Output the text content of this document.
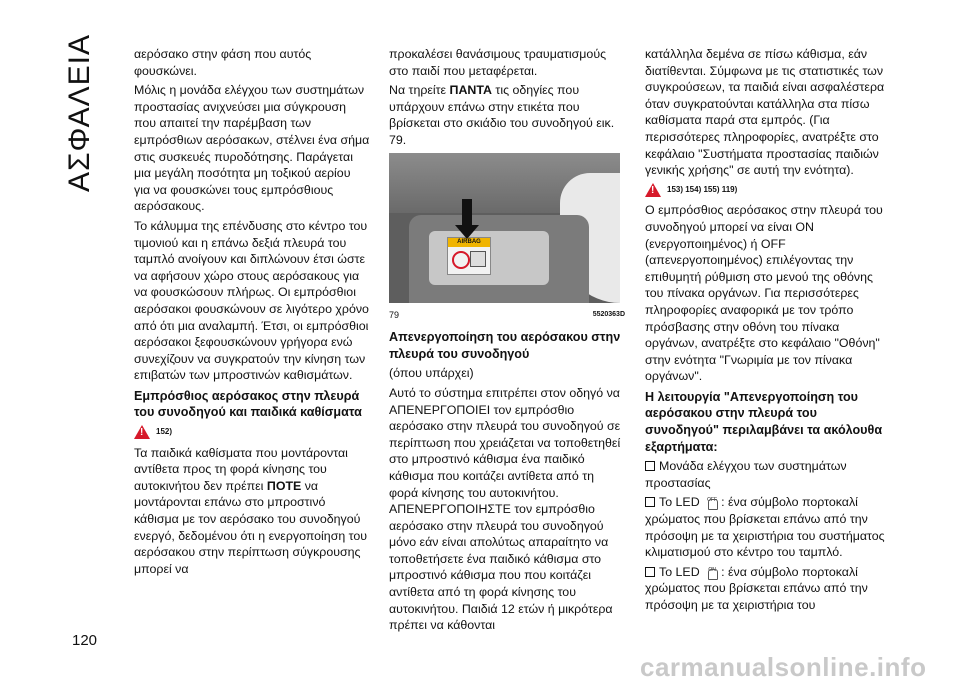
ΑΣΦΑΛΕΙΑ	αερόσακο στην φάση που αυτός φουσκώνει.

Μόλις η μονάδα ελέγχου των συστημάτων προστασίας ανιχνεύσει μια σύγκρουση που απαιτεί την παρέμβαση των εμπρόσθιων αερόσακων, στέλνει ένα σήμα στις συσκευές πυροδότησης. Παράγεται μια μεγάλη ποσότητα μη τοξικού αερίου για να φουσκώνει τους εμπρόσθιους αερόσακους.

Το κάλυμμα της επένδυσης στο κέντρο του τιμονιού και η επάνω δεξιά πλευρά του ταμπλό ανοίγουν και διπλώνουν έτσι ώστε να αφήσουν χώρο στους αερόσακους για να φουσκώσουν πλήρως. Οι εμπρόσθιοι αερόσακοι φουσκώνουν σε λιγότερο χρόνο από ότι μια αναλαμπή. Έτσι, οι εμπρόσθιοι αερόσακοι ξεφουσκώνουν γρήγορα ενώ συνεχίζουν να συγκρατούν την κίνηση των επιβατών των μπροστινών καθισμάτων.

Εμπρόσθιος αερόσακος στην πλευρά του συνοδηγού και παιδικά καθίσματα
!
152)

Τα παιδικά καθίσματα που μοντάρονται αντίθετα προς τη φορά κίνησης του αυτοκινήτου δεν πρέπει ΠΟΤΕ να μοντάρονται επάνω στο μπροστινό κάθισμα με τον αερόσακο του συνοδηγού ενεργό, δεδομένου ότι η ενεργοποίηση του αερόσακου στην περίπτωση σύγκρουσης μπορεί να

προκαλέσει θανάσιμους τραυματισμούς στο παιδί που μεταφέρεται.

Να τηρείτε ΠΑΝΤΑ τις οδηγίες που υπάρχουν επάνω στην ετικέτα που βρίσκεται στο σκιάδιο του συνοδηγού εικ. 79.

AIRBAG
79	5520363D
Απενεργοποίηση του αερόσακου στην πλευρά του συνοδηγού

(όπου υπάρχει)

Αυτό το σύστημα επιτρέπει στον οδηγό να ΑΠΕΝΕΡΓΟΠΟΙΕΙ τον εμπρόσθιο αερόσακο στην πλευρά του συνοδηγού σε περίπτωση που χρειάζεται να τοποθετηθεί στο μπροστινό κάθισμα ένα παιδικό κάθισμα που κοιτάζει αντίθετα από τη φορά κίνησης του αυτοκινήτου. ΑΠΕΝΕΡΓΟΠΟΙΗΣΤΕ τον εμπρόσθιο αερόσακο στην πλευρά του συνοδηγού μόνο εάν είναι απολύτως απαραίτητο να τοποθετήσετε ένα παιδικό κάθισμα στο μπροστινό κάθισμα που που κοιτάζει αντίθετα από τη φορά κίνησης του αυτοκινήτου. Παιδιά 12 ετών ή μικρότερα πρέπει να κάθονται

κατάλληλα δεμένα σε πίσω κάθισμα, εάν διατίθενται. Σύμφωνα με τις στατιστικές των συγκρούσεων, τα παιδιά είναι ασφαλέστερα όταν συγκρατούνται κατάλληλα στα πίσω καθίσματα παρά στα εμπρός. (Για περισσότερες πληροφορίες, ανατρέξτε στο κεφάλαιο "Συστήματα προστασίας παιδιών γενικής χρήσης" σε αυτή την ενότητα).

!
153) 154) 155) 119)

Ο εμπρόσθιος αερόσακος στην πλευρά του συνοδηγού μπορεί να είναι ΟΝ (ενεργοποιημένος) ή OFF (απενεργοποιημένος) επιλέγοντας την επιθυμητή ρύθμιση στο μενού της οθόνης του πίνακα οργάνων. Για περισσότερες πληροφορίες αναφορικά με τον τρόπο πρόσβασης στην οθόνη του πίνακα οργάνων, ανατρέξτε στο κεφάλαιο "Οθόνη" στην ενότητα "Γνωριμία με τον πίνακα οργάνων".

Η λειτουργία "Απενεργοποίηση του αερόσακου στην πλευρά του συνοδηγού" περιλαμβάνει τα ακόλουθα εξαρτήματα:

Μονάδα ελέγχου των συστημάτων προστασίας

Το LED	OFF : ένα σύμβολο πορτοκαλί χρώματος που βρίσκεται επάνω από την πρόσοψη με τα χειριστήρια του συστήματος κλιματισμού στο κέντρο του ταμπλό.

Το LED	ON : ένα σύμβολο πορτοκαλί χρώματος που βρίσκεται επάνω από την πρόσοψη με τα χειριστήρια του

120
carmanualsonline.info
